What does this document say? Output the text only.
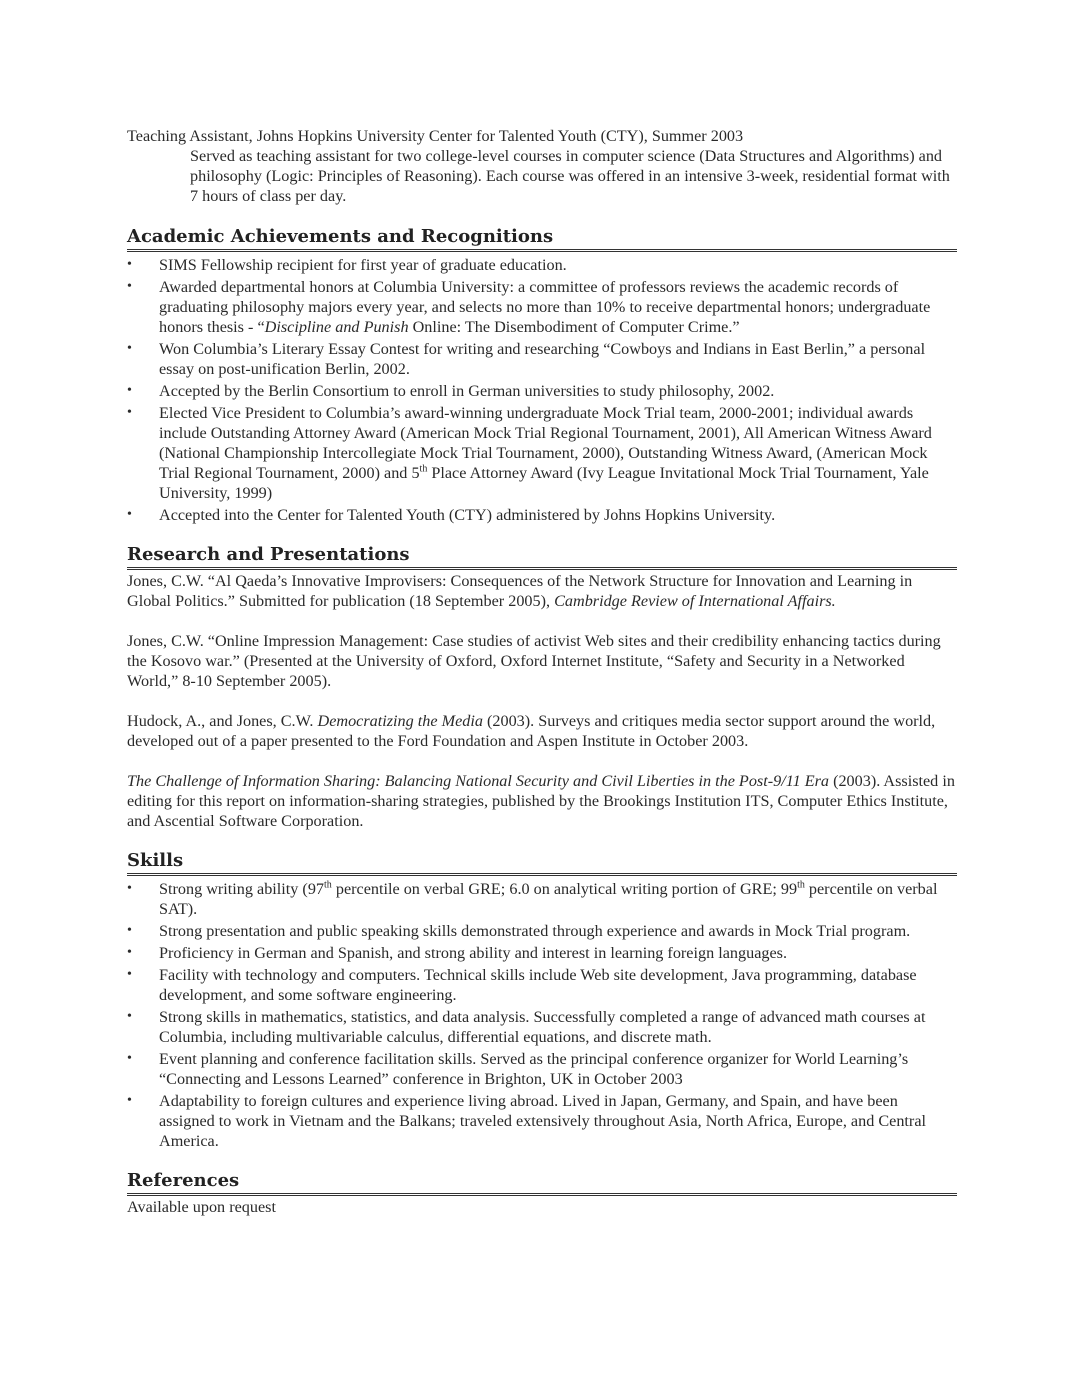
Teaching Assistant, Johns Hopkins University Center for Talented Youth (CTY), Summer 2003

Served as teaching assistant for two college-level courses in computer science (Data Structures and Algorithms) and philosophy (Logic: Principles of Reasoning). Each course was offered in an intensive 3-week, residential format with 7 hours of class per day.

Academic Achievements and Recognitions
• SIMS Fellowship recipient for first year of graduate education.
• Awarded departmental honors at Columbia University: a committee of professors reviews the academic records of graduating philosophy majors every year, and selects no more than 10% to receive departmental honors; undergraduate honors thesis - “Discipline and Punish Online: The Disembodiment of Computer Crime.”
• Won Columbia’s Literary Essay Contest for writing and researching “Cowboys and Indians in East Berlin,” a personal essay on post-unification Berlin, 2002.
• Accepted by the Berlin Consortium to enroll in German universities to study philosophy, 2002.
• Elected Vice President to Columbia’s award-winning undergraduate Mock Trial team, 2000-2001; individual awards include Outstanding Attorney Award (American Mock Trial Regional Tournament, 2001), All American Witness Award (National Championship Intercollegiate Mock Trial Tournament, 2000), Outstanding Witness Award, (American Mock Trial Regional Tournament, 2000) and 5th Place Attorney Award (Ivy League Invitational Mock Trial Tournament, Yale University, 1999)
• Accepted into the Center for Talented Youth (CTY) administered by Johns Hopkins University.
Research and Presentations

Jones, C.W. “Al Qaeda’s Innovative Improvisers: Consequences of the Network Structure for Innovation and Learning in Global Politics.” Submitted for publication (18 September 2005), Cambridge Review of International Affairs.

Jones, C.W. “Online Impression Management: Case studies of activist Web sites and their credibility enhancing tactics during the Kosovo war.” (Presented at the University of Oxford, Oxford Internet Institute, “Safety and Security in a Networked World,” 8-10 September 2005).

Hudock, A., and Jones, C.W. Democratizing the Media (2003). Surveys and critiques media sector support around the world, developed out of a paper presented to the Ford Foundation and Aspen Institute in October 2003.

The Challenge of Information Sharing: Balancing National Security and Civil Liberties in the Post-9/11 Era (2003). Assisted in editing for this report on information-sharing strategies, published by the Brookings Institution ITS, Computer Ethics Institute, and Ascential Software Corporation.

Skills
• Strong writing ability (97th percentile on verbal GRE; 6.0 on analytical writing portion of GRE; 99th percentile on verbal SAT).
• Strong presentation and public speaking skills demonstrated through experience and awards in Mock Trial program.
• Proficiency in German and Spanish, and strong ability and interest in learning foreign languages.
• Facility with technology and computers. Technical skills include Web site development, Java programming, database development, and some software engineering.
• Strong skills in mathematics, statistics, and data analysis. Successfully completed a range of advanced math courses at Columbia, including multivariable calculus, differential equations, and discrete math.
• Event planning and conference facilitation skills. Served as the principal conference organizer for World Learning’s “Connecting and Lessons Learned” conference in Brighton, UK in October 2003
• Adaptability to foreign cultures and experience living abroad. Lived in Japan, Germany, and Spain, and have been assigned to work in Vietnam and the Balkans; traveled extensively throughout Asia, North Africa, Europe, and Central America.
References

Available upon request
